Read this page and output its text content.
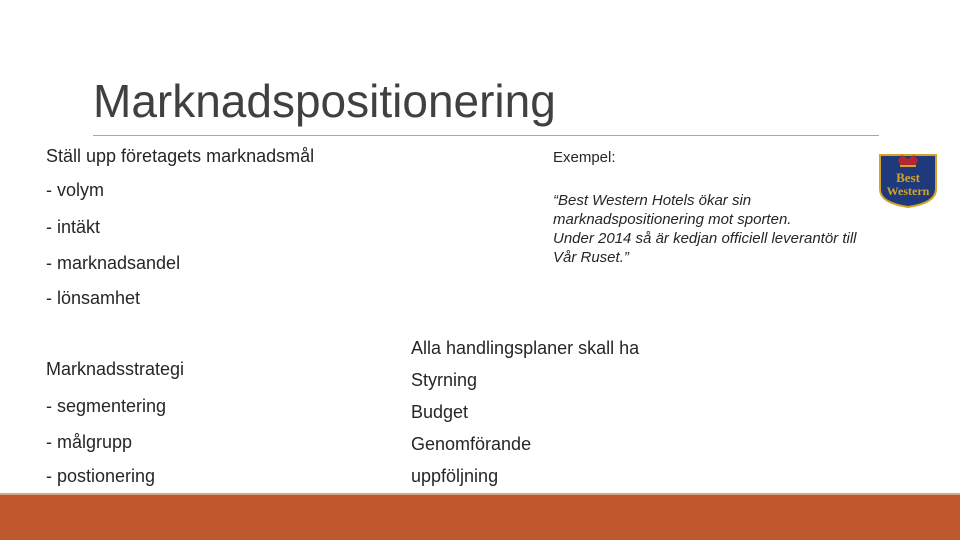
Marknadspositionering
Ställ upp företagets marknadsmål
- volym
- intäkt
- marknadsandel
- lönsamhet
Exempel:
“Best Western Hotels ökar sin
marknadspositionering mot sporten.
Under 2014 så är kedjan officiell leverantör till
Vår Ruset.”
Best
Western
Alla handlingsplaner skall ha
Styrning
Budget
Genomförande
uppföljning
Marknadsstrategi
- segmentering
- målgrupp
- postionering
